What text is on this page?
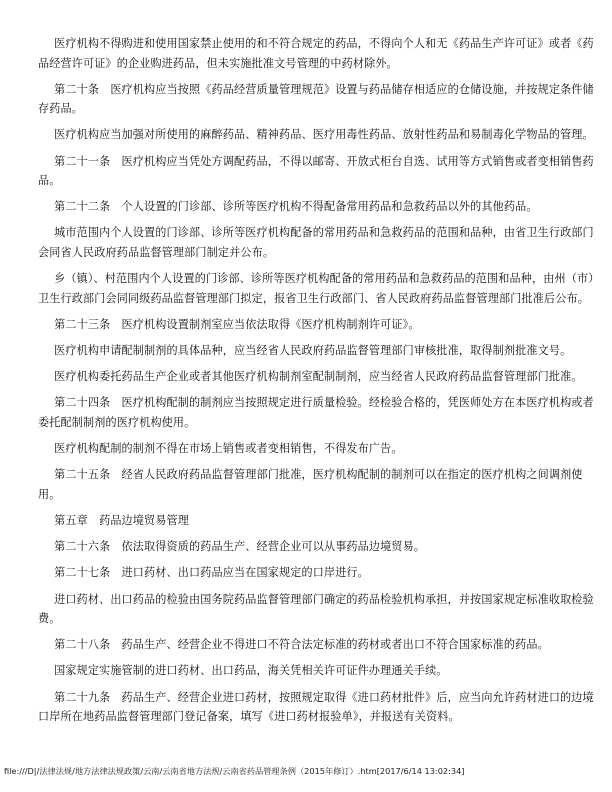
医疗机构不得购进和使用国家禁止使用的和不符合规定的药品，不得向个人和无《药品生产许可证》或者《药品经营许可证》的企业购进药品，但未实施批准文号管理的中药材除外。

第二十条　医疗机构应当按照《药品经营质量管理规范》设置与药品储存相适应的仓储设施，并按规定条件储存药品。

医疗机构应当加强对所使用的麻醉药品、精神药品、医疗用毒性药品、放射性药品和易制毒化学物品的管理。

第二十一条　医疗机构应当凭处方调配药品，不得以邮寄、开放式柜台自选、试用等方式销售或者变相销售药品。

第二十二条　个人设置的门诊部、诊所等医疗机构不得配备常用药品和急救药品以外的其他药品。

城市范围内个人设置的门诊部、诊所等医疗机构配备的常用药品和急救药品的范围和品种，由省卫生行政部门会同省人民政府药品监督管理部门制定并公布。

乡（镇）、村范围内个人设置的门诊部、诊所等医疗机构配备的常用药品和急救药品的范围和品种，由州（市）卫生行政部门会同同级药品监督管理部门拟定，报省卫生行政部门、省人民政府药品监督管理部门批准后公布。

第二十三条　医疗机构设置制剂室应当依法取得《医疗机构制剂许可证》。

医疗机构申请配制制剂的具体品种，应当经省人民政府药品监督管理部门审核批准，取得制剂批准文号。

医疗机构委托药品生产企业或者其他医疗机构制剂室配制制剂，应当经省人民政府药品监督管理部门批准。

第二十四条　医疗机构配制的制剂应当按照规定进行质量检验。经检验合格的，凭医师处方在本医疗机构或者委托配制制剂的医疗机构使用。

医疗机构配制的制剂不得在市场上销售或者变相销售，不得发布广告。

第二十五条　经省人民政府药品监督管理部门批准，医疗机构配制的制剂可以在指定的医疗机构之间调剂使用。

第五章　药品边境贸易管理

第二十六条　依法取得资质的药品生产、经营企业可以从事药品边境贸易。

第二十七条　进口药材、出口药品应当在国家规定的口岸进行。

进口药材、出口药品的检验由国务院药品监督管理部门确定的药品检验机构承担，并按国家规定标准收取检验费。

第二十八条　药品生产、经营企业不得进口不符合法定标准的药材或者出口不符合国家标准的药品。

国家规定实施管制的进口药材、出口药品，海关凭相关许可证件办理通关手续。

第二十九条　药品生产、经营企业进口药材，按照规定取得《进口药材批件》后，应当向允许药材进口的边境口岸所在地药品监督管理部门登记备案，填写《进口药材报验单》，并报送有关资料。

file:///D|/法律法规/地方法律法规政策/云南/云南省地方法规/云南省药品管理条例（2015年修订）.htm[2017/6/14 13:02:34]
